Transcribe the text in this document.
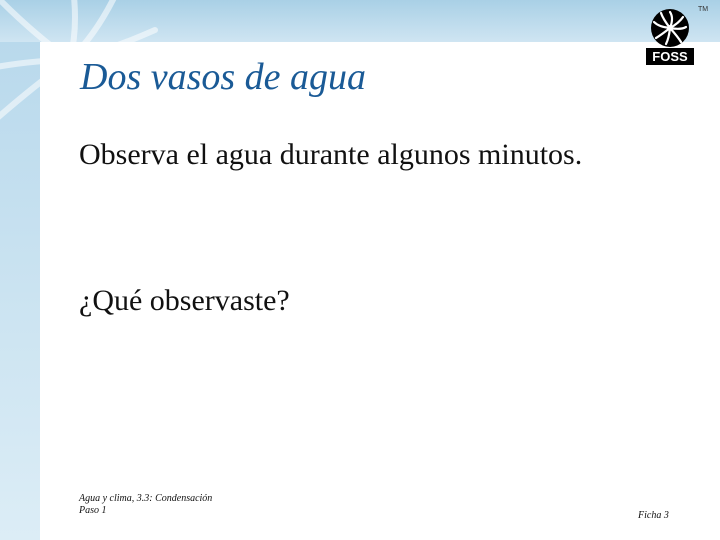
FOSS
TM
Dos vasos de agua

Observa el agua durante algunos minutos.

¿Qué observaste?

Agua y clima, 3.3: Condensación
Paso 1	Ficha 3
